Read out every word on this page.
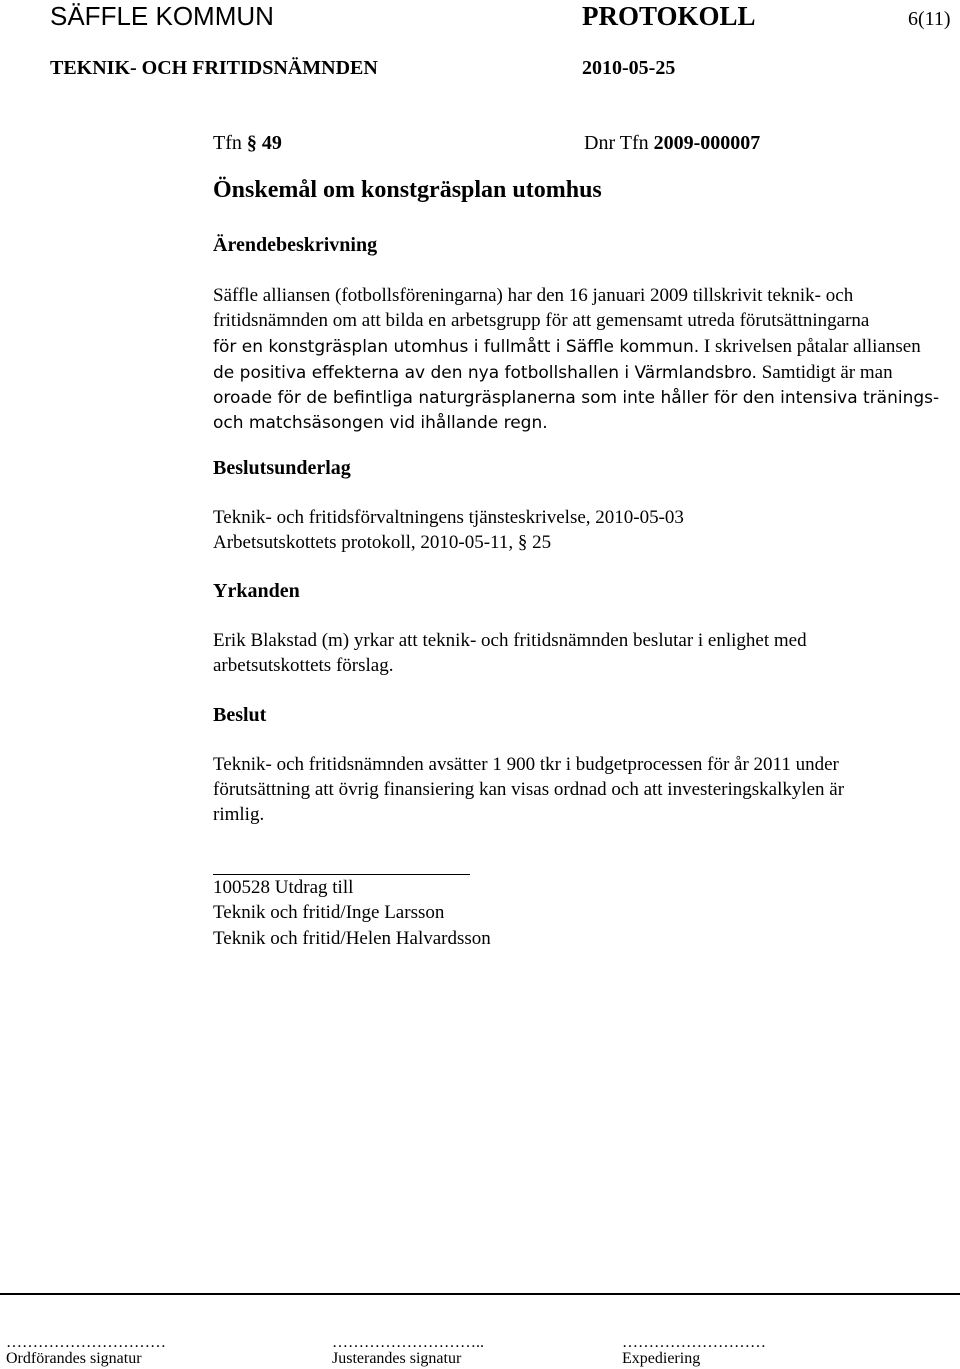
SÄFFLE KOMMUN	PROTOKOLL	6(11)
TEKNIK- OCH FRITIDSNÄMNDEN	2010-05-25
Tfn § 49	Dnr Tfn 2009-000007
Önskemål om konstgräsplan utomhus
Ärendebeskrivning
Säffle alliansen (fotbollsföreningarna) har den 16 januari 2009 tillskrivit teknik- och
fritidsnämnden om att bilda en arbetsgrupp för att gemensamt utreda förutsättningarna
för en konstgräsplan utomhus i fullmått i Säffle kommun. I skrivelsen påtalar alliansen
de positiva effekterna av den nya fotbollshallen i Värmlandsbro. Samtidigt är man
oroade för de befintliga naturgräsplanerna som inte håller för den intensiva tränings-
och matchsäsongen vid ihållande regn.
Beslutsunderlag
Teknik- och fritidsförvaltningens tjänsteskrivelse, 2010-05-03
Arbetsutskottets protokoll, 2010-05-11, § 25
Yrkanden
Erik Blakstad (m) yrkar att teknik- och fritidsnämnden beslutar i enlighet med
arbetsutskottets förslag.
Beslut
Teknik- och fritidsnämnden avsätter 1 900 tkr i budgetprocessen för år 2011 under
förutsättning att övrig finansiering kan visas ordnad och att investeringskalkylen är
rimlig.
100528 Utdrag till
Teknik och fritid/Inge Larsson
Teknik och fritid/Helen Halvardsson
…………………………	………………………..	………………………
Ordförandes signatur	Justerandes signatur	Expediering
